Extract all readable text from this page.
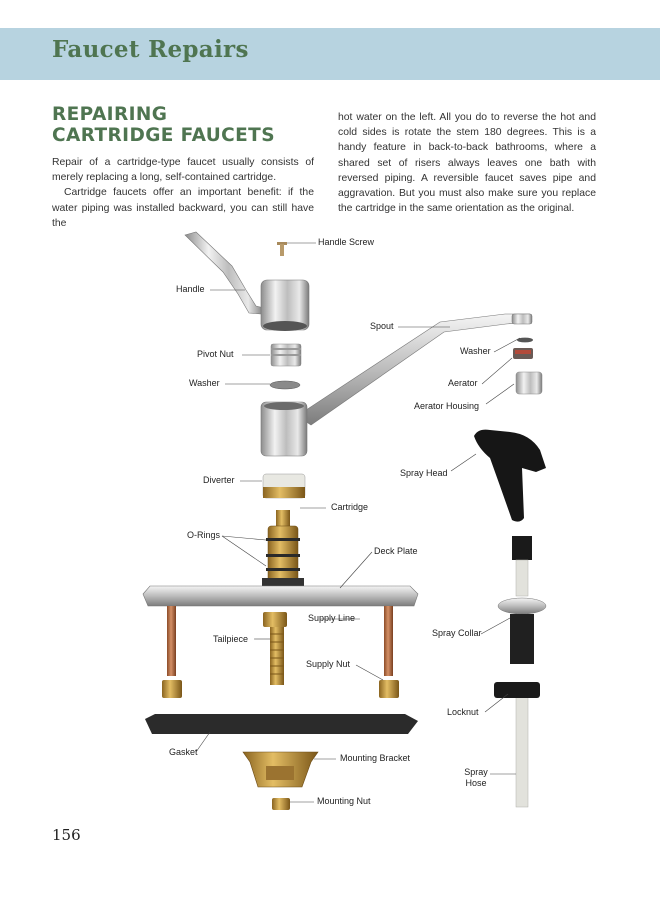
Faucet Repairs
REPAIRING
CARTRIDGE FAUCETS

Repair of a cartridge-type faucet usually consists of merely replacing a long, self-contained cartridge.

Cartridge faucets offer an important benefit: if the water piping was installed backward, you can still have the

hot water on the left. All you do to reverse the hot and cold sides is rotate the stem 180 degrees. This is a handy feature in back-to-back bathrooms, where a shared set of risers always leaves one bath with reversed piping. A reversible faucet saves pipe and aggravation. But you must also make sure you replace the cartridge in the same orientation as the original.

Handle Screw
Handle
Spout
Washer
Pivot Nut
Aerator
Washer
Aerator Housing
Spray Head
Diverter
Cartridge
O-Rings
Deck Plate
Supply Line
Spray Collar
Tailpiece
Supply Nut
Locknut
Gasket
Mounting Bracket
Spray
Hose
Mounting Nut
156
